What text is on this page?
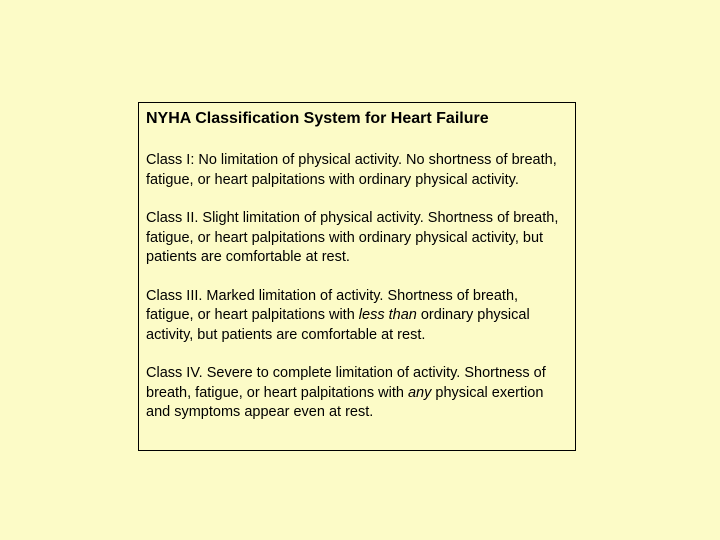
NYHA Classification System for Heart Failure

Class I: No limitation of physical activity. No shortness of breath, fatigue, or heart palpitations with ordinary physical activity.

Class II. Slight limitation of physical activity. Shortness of breath, fatigue, or heart palpitations with ordinary physical activity, but patients are comfortable at rest.

Class III. Marked limitation of activity. Shortness of breath, fatigue, or heart palpitations with less than ordinary physical activity, but patients are comfortable at rest.

Class IV. Severe to complete limitation of activity. Shortness of breath, fatigue, or heart palpitations with any physical exertion and symptoms appear even at rest.
